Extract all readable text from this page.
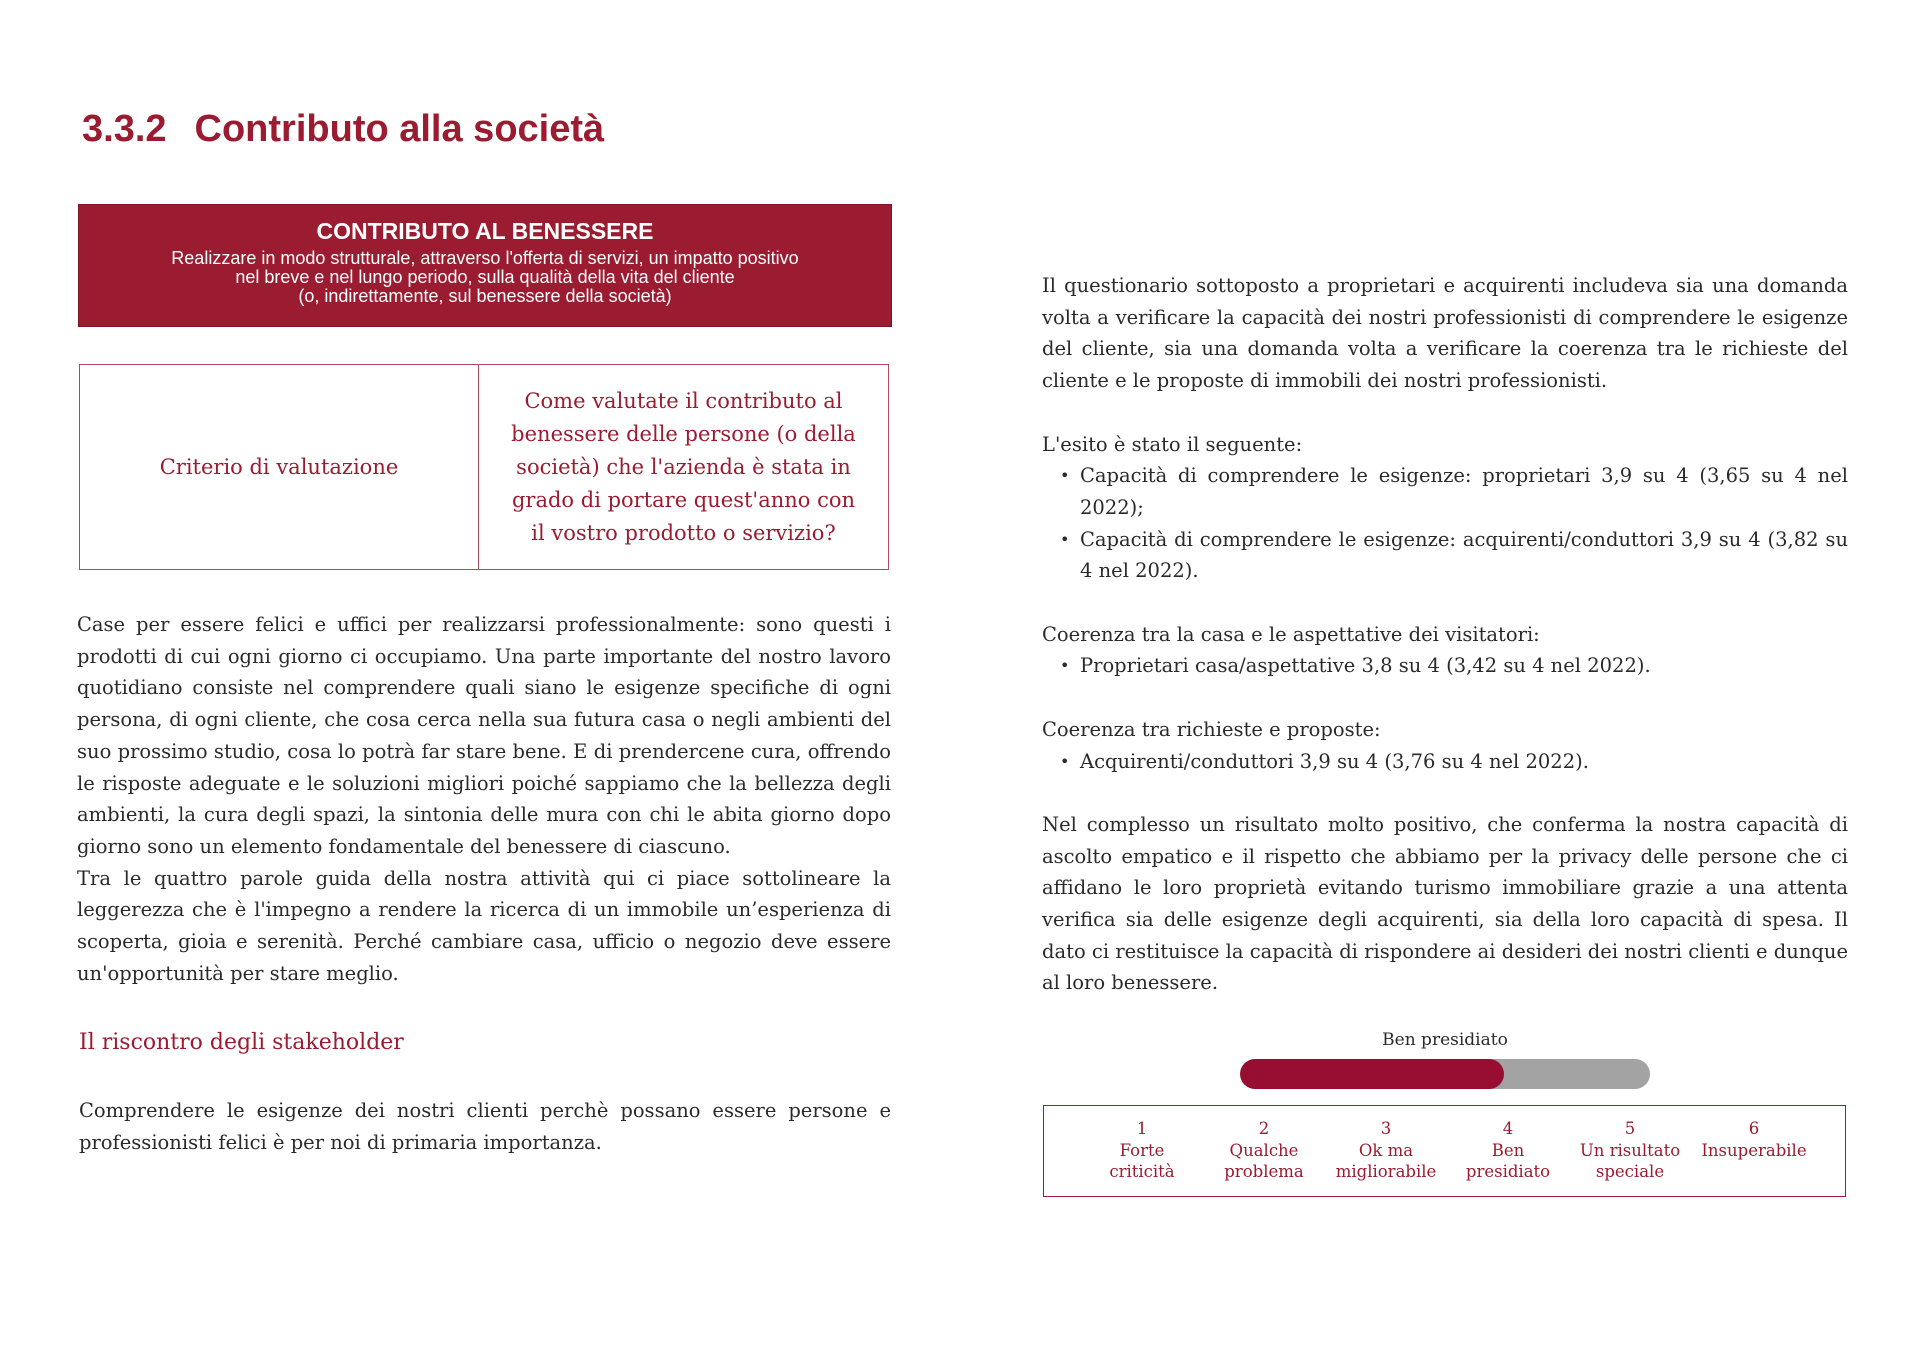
3.3.2 Contributo alla società
CONTRIBUTO AL BENESSERE
Realizzare in modo strutturale, attraverso l'offerta di servizi, un impatto positivo
nel breve e nel lungo periodo, sulla qualità della vita del cliente
(o, indirettamente, sul benessere della società)
Criterio di valutazione
Come valutate il contributo al benessere delle persone (o della società) che l'azienda è stata in grado di portare quest'anno con il vostro prodotto o servizio?

Case per essere felici e uffici per realizzarsi professionalmente: sono questi i prodotti di cui ogni giorno ci occupiamo. Una parte importante del nostro lavoro quotidiano consiste nel comprendere quali siano le esigenze specifiche di ogni persona, di ogni cliente, che cosa cerca nella sua futura casa o negli ambienti del suo prossimo studio, cosa lo potrà far stare bene. E di prendercene cura, offrendo le risposte adeguate e le soluzioni migliori poiché sappiamo che la bellezza degli ambienti, la cura degli spazi, la sintonia delle mura con chi le abita giorno dopo giorno sono un elemento fondamentale del benessere di ciascuno.

Tra le quattro parole guida della nostra attività qui ci piace sottolineare la leggerezza che è l'impegno a rendere la ricerca di un immobile un’esperienza di scoperta, gioia e serenità. Perché cambiare casa, ufficio o negozio deve essere un'opportunità per stare meglio.

Il riscontro degli stakeholder

Comprendere le esigenze dei nostri clienti perchè possano essere persone e professionisti felici è per noi di primaria importanza.

Il questionario sottoposto a proprietari e acquirenti includeva sia una domanda volta a verificare la capacità dei nostri professionisti di comprendere le esigenze del cliente, sia una domanda volta a verificare la coerenza tra le richieste del cliente e le proposte di immobili dei nostri professionisti.

L'esito è stato il seguente:

• Capacità di comprendere le esigenze: proprietari 3,9 su 4 (3,65 su 4 nel 2022);
• Capacità di comprendere le esigenze: acquirenti/conduttori 3,9 su 4 (3,82 su 4 nel 2022).

Coerenza tra la casa e le aspettative dei visitatori:

• Proprietari casa/aspettative 3,8 su 4 (3,42 su 4 nel 2022).

Coerenza tra richieste e proposte:

• Acquirenti/conduttori 3,9 su 4 (3,76 su 4 nel 2022).

Nel complesso un risultato molto positivo, che conferma la nostra capacità di ascolto empatico e il rispetto che abbiamo per la privacy delle persone che ci affidano le loro proprietà evitando turismo immobiliare grazie a una attenta verifica sia delle esigenze degli acquirenti, sia della loro capacità di spesa. Il dato ci restituisce la capacità di rispondere ai desideri dei nostri clienti e dunque al loro benessere.

Ben presidiato
1
Forte
criticità
2
Qualche
problema
3
Ok ma
migliorabile
4
Ben
presidiato
5
Un risultato
speciale
6
Insuperabile
